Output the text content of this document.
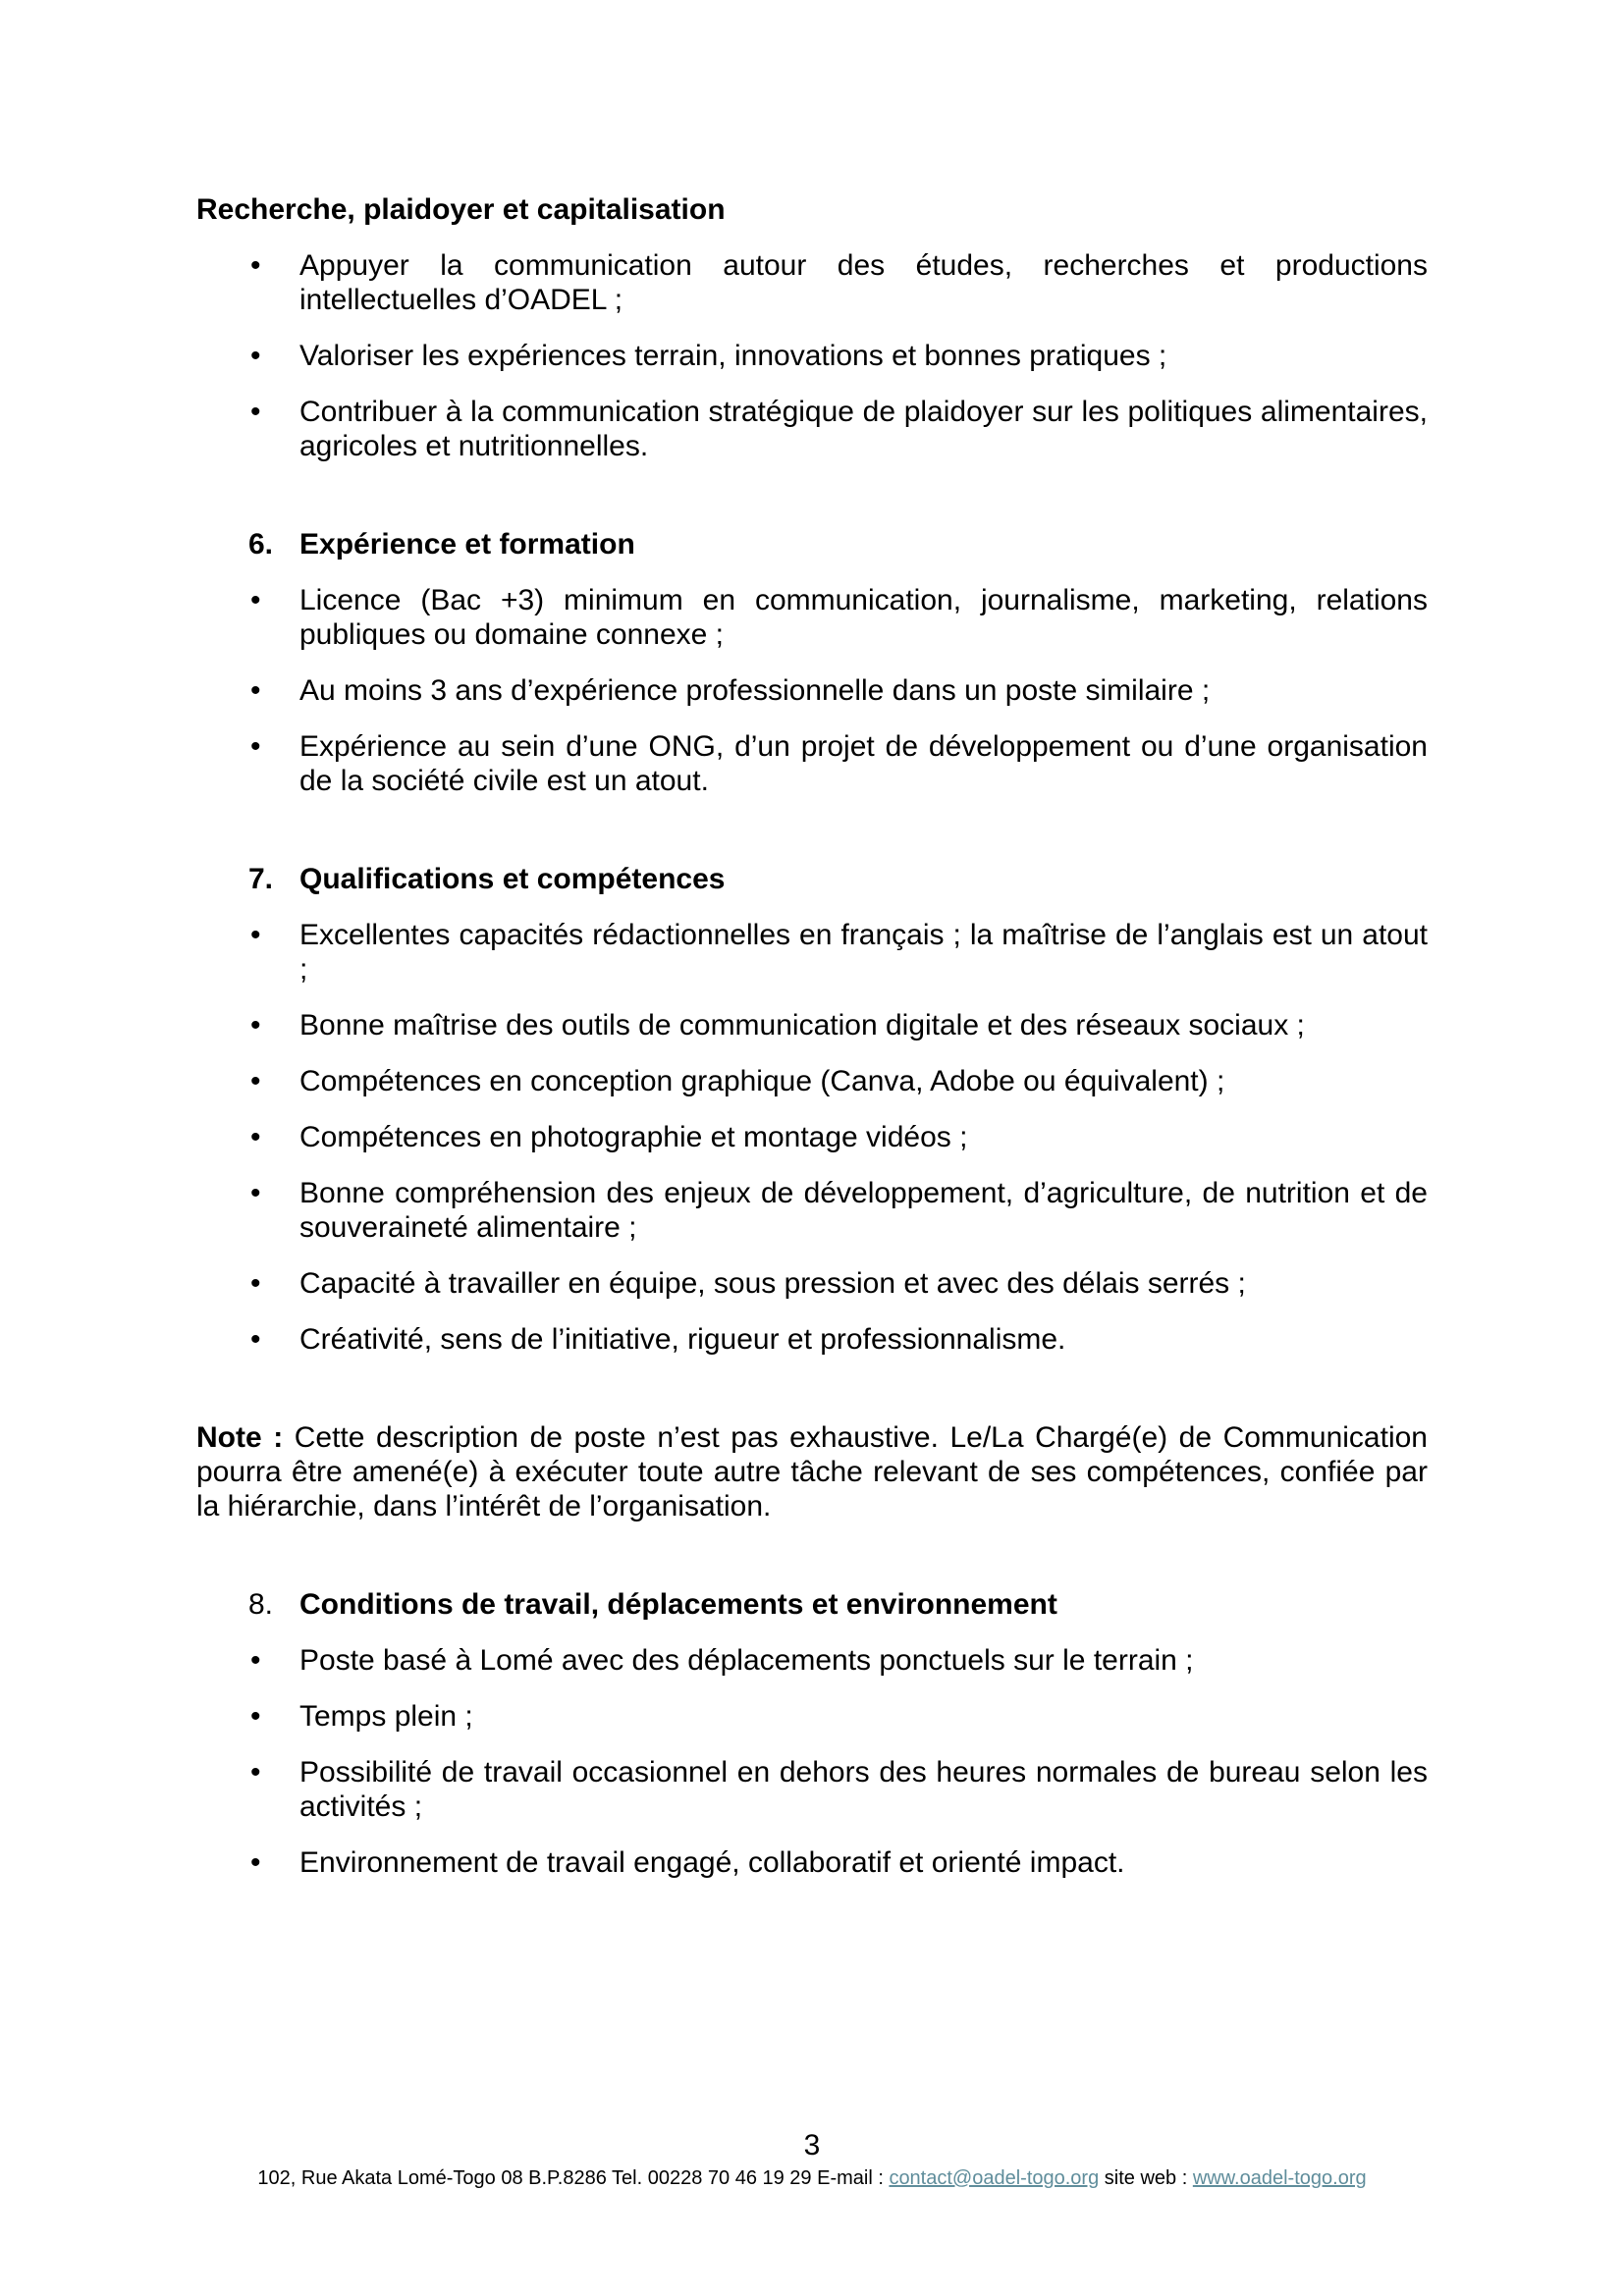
Recherche, plaidoyer et capitalisation
•
Appuyer la communication autour des études, recherches et productions intellectuelles d’OADEL ;
•
Valoriser les expériences terrain, innovations et bonnes pratiques ;
•
Contribuer à la communication stratégique de plaidoyer sur les politiques alimentaires, agricoles et nutritionnelles.
6. Expérience et formation
•
Licence (Bac +3) minimum en communication, journalisme, marketing, relations publiques ou domaine connexe ;
•
Au moins 3 ans d’expérience professionnelle dans un poste similaire ;
•
Expérience au sein d’une ONG, d’un projet de développement ou d’une organisation de la société civile est un atout.
7. Qualifications et compétences
•
Excellentes capacités rédactionnelles en français ; la maîtrise de l’anglais est un atout ;
•
Bonne maîtrise des outils de communication digitale et des réseaux sociaux ;
•
Compétences en conception graphique (Canva, Adobe ou équivalent) ;
•
Compétences en photographie et montage vidéos ;
•
Bonne compréhension des enjeux de développement, d’agriculture, de nutrition et de souveraineté alimentaire ;
•
Capacité à travailler en équipe, sous pression et avec des délais serrés ;
•
Créativité, sens de l’initiative, rigueur et professionnalisme.

Note : Cette description de poste n’est pas exhaustive. Le/La Chargé(e) de Communication pourra être amené(e) à exécuter toute autre tâche relevant de ses compétences, confiée par la hiérarchie, dans l’intérêt de l’organisation.

8. Conditions de travail, déplacements et environnement
•
Poste basé à Lomé avec des déplacements ponctuels sur le terrain ;
•
Temps plein ;
•
Possibilité de travail occasionnel en dehors des heures normales de bureau selon les activités ;
•
Environnement de travail engagé, collaboratif et orienté impact.
3
102, Rue Akata Lomé-Togo 08 B.P.8286 Tel. 00228 70 46 19 29 E-mail : contact@oadel-togo.org site web : www.oadel-togo.org
